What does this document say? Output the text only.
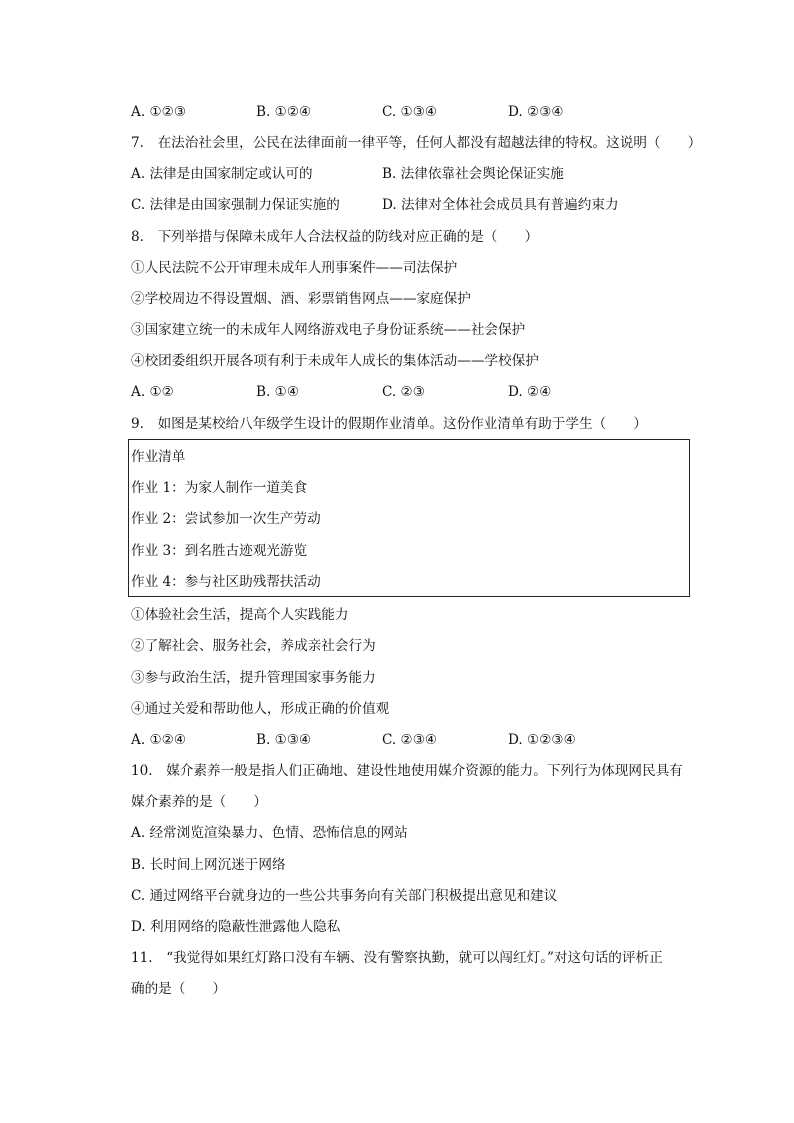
A. ①②③	B. ①②④	C. ①③④	D. ②③④
7.　在法治社会里，公民在法律面前一律平等，任何人都没有超越法律的特权。这说明（　　）
A. 法律是由国家制定或认可的	B. 法律依靠社会舆论保证实施
C. 法律是由国家强制力保证实施的	D. 法律对全体社会成员具有普遍约束力
8.　下列举措与保障未成年人合法权益的防线对应正确的是（　　）
①人民法院不公开审理未成年人刑事案件——司法保护
②学校周边不得设置烟、酒、彩票销售网点——家庭保护
③国家建立统一的未成年人网络游戏电子身份证系统——社会保护
④校团委组织开展各项有利于未成年人成长的集体活动——学校保护
A. ①②	B. ①④	C. ②③	D. ②④
9.　如图是某校给八年级学生设计的假期作业清单。这份作业清单有助于学生（　　）
作业清单
作业 1：为家人制作一道美食
作业 2：尝试参加一次生产劳动
作业 3：到名胜古迹观光游览
作业 4：参与社区助残帮扶活动
①体验社会生活，提高个人实践能力
②了解社会、服务社会，养成亲社会行为
③参与政治生活，提升管理国家事务能力
④通过关爱和帮助他人，形成正确的价值观
A. ①②④	B. ①③④	C. ②③④	D. ①②③④
10.　媒介素养一般是指人们正确地、建设性地使用媒介资源的能力。下列行为体现网民具有
媒介素养的是（　　）
A. 经常浏览渲染暴力、色情、恐怖信息的网站
B. 长时间上网沉迷于网络
C. 通过网络平台就身边的一些公共事务向有关部门积极提出意见和建议
D. 利用网络的隐蔽性泄露他人隐私
11.　“我觉得如果红灯路口没有车辆、没有警察执勤，就可以闯红灯。”对这句话的评析正
确的是（　　）
